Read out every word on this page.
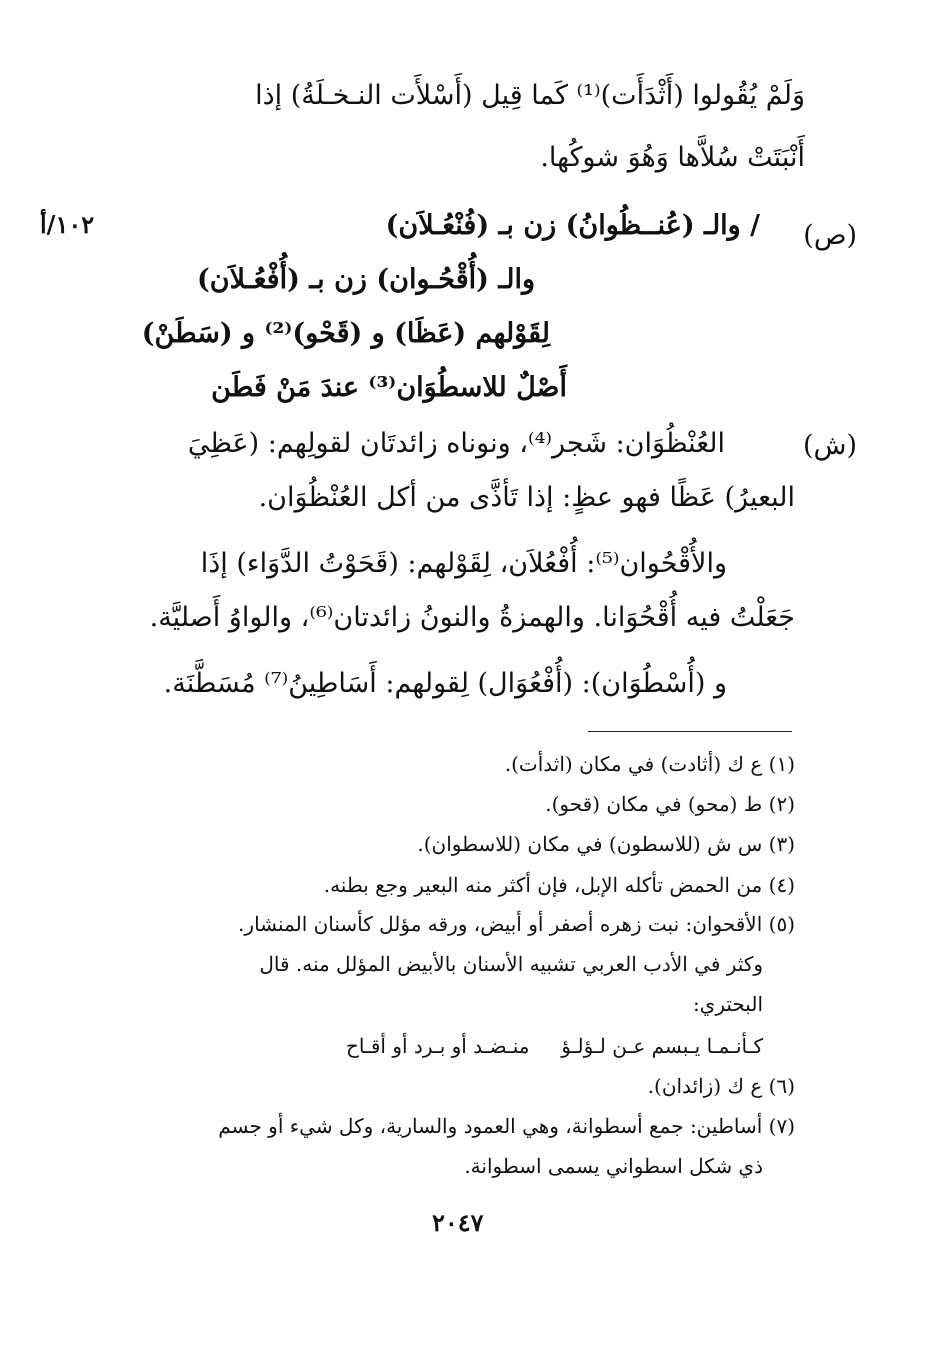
وَلَمْ يُقُولوا (أَثْدَأَت)⁽¹⁾ كَما قِيل (أَسْلأَت النـخـلَةُ) إذا
أَنْبَتَتْ سُلاَّها وَهُوَ شوكُها.
١٠٢/أ	(ص)
/ والـ (عُنــظُوانُ) زن بـ (فُنْعُـلاَن)
والـ (أُقْحُـوان) زن بـ (أُفْعُـلاَن)
لِقَوْلهم (عَظَا) و (قَحْو)⁽²⁾ و (سَطَنْ)
أَصْلٌ للاسطُوَان⁽³⁾ عندَ مَنْ فَطَن
(ش)
العُنْظُوَان: شَجر⁽⁴⁾، ونوناه زائدتَان لقولِهم: (عَظِيَ
البعيرُ) عَظًا فهو عظٍ: إذا تَأذَّى من أكل العُنْظُوَان.
والأُقْحُوان⁽⁵⁾: أُفْعُلاَن، لِقَوْلهم: (قَحَوْتُ الدَّوَاء) إذَا
جَعَلْتُ فيه أُقْحُوَانا. والهمزةُ والنونُ زائدتان⁽⁶⁾، والواوُ أَصليَّة.
و (أُسْطُوَان): (أُفْعُوَال) لِقولهم: أَسَاطِينُ⁽⁷⁾ مُسَطَّنَة.
(١) ع ك (أثادت) في مكان (اثدأت).
(٢) ط (محو) في مكان (قحو).
(٣) س ش (للاسطون) في مكان (للاسطوان).
(٤) من الحمض تأكله الإبل، فإن أكثر منه البعير وجع بطنه.
(٥) الأقحوان: نبت زهره أصفر أو أبيض، ورقه مؤلل كأسنان المنشار.
وكثر في الأدب العربي تشبيه الأسنان بالأبيض المؤلل منه. قال
البحتري:
كـأنـمـا يـبسم عـن لـؤلـؤ     منـضـد أو بـرد أو أقـاح
(٦) ع ك (زائدان).
(٧) أساطين: جمع أسطوانة، وهي العمود والسارية، وكل شيء أو جسم
ذي شكل اسطواني يسمى اسطوانة.
٢٠٤٧
